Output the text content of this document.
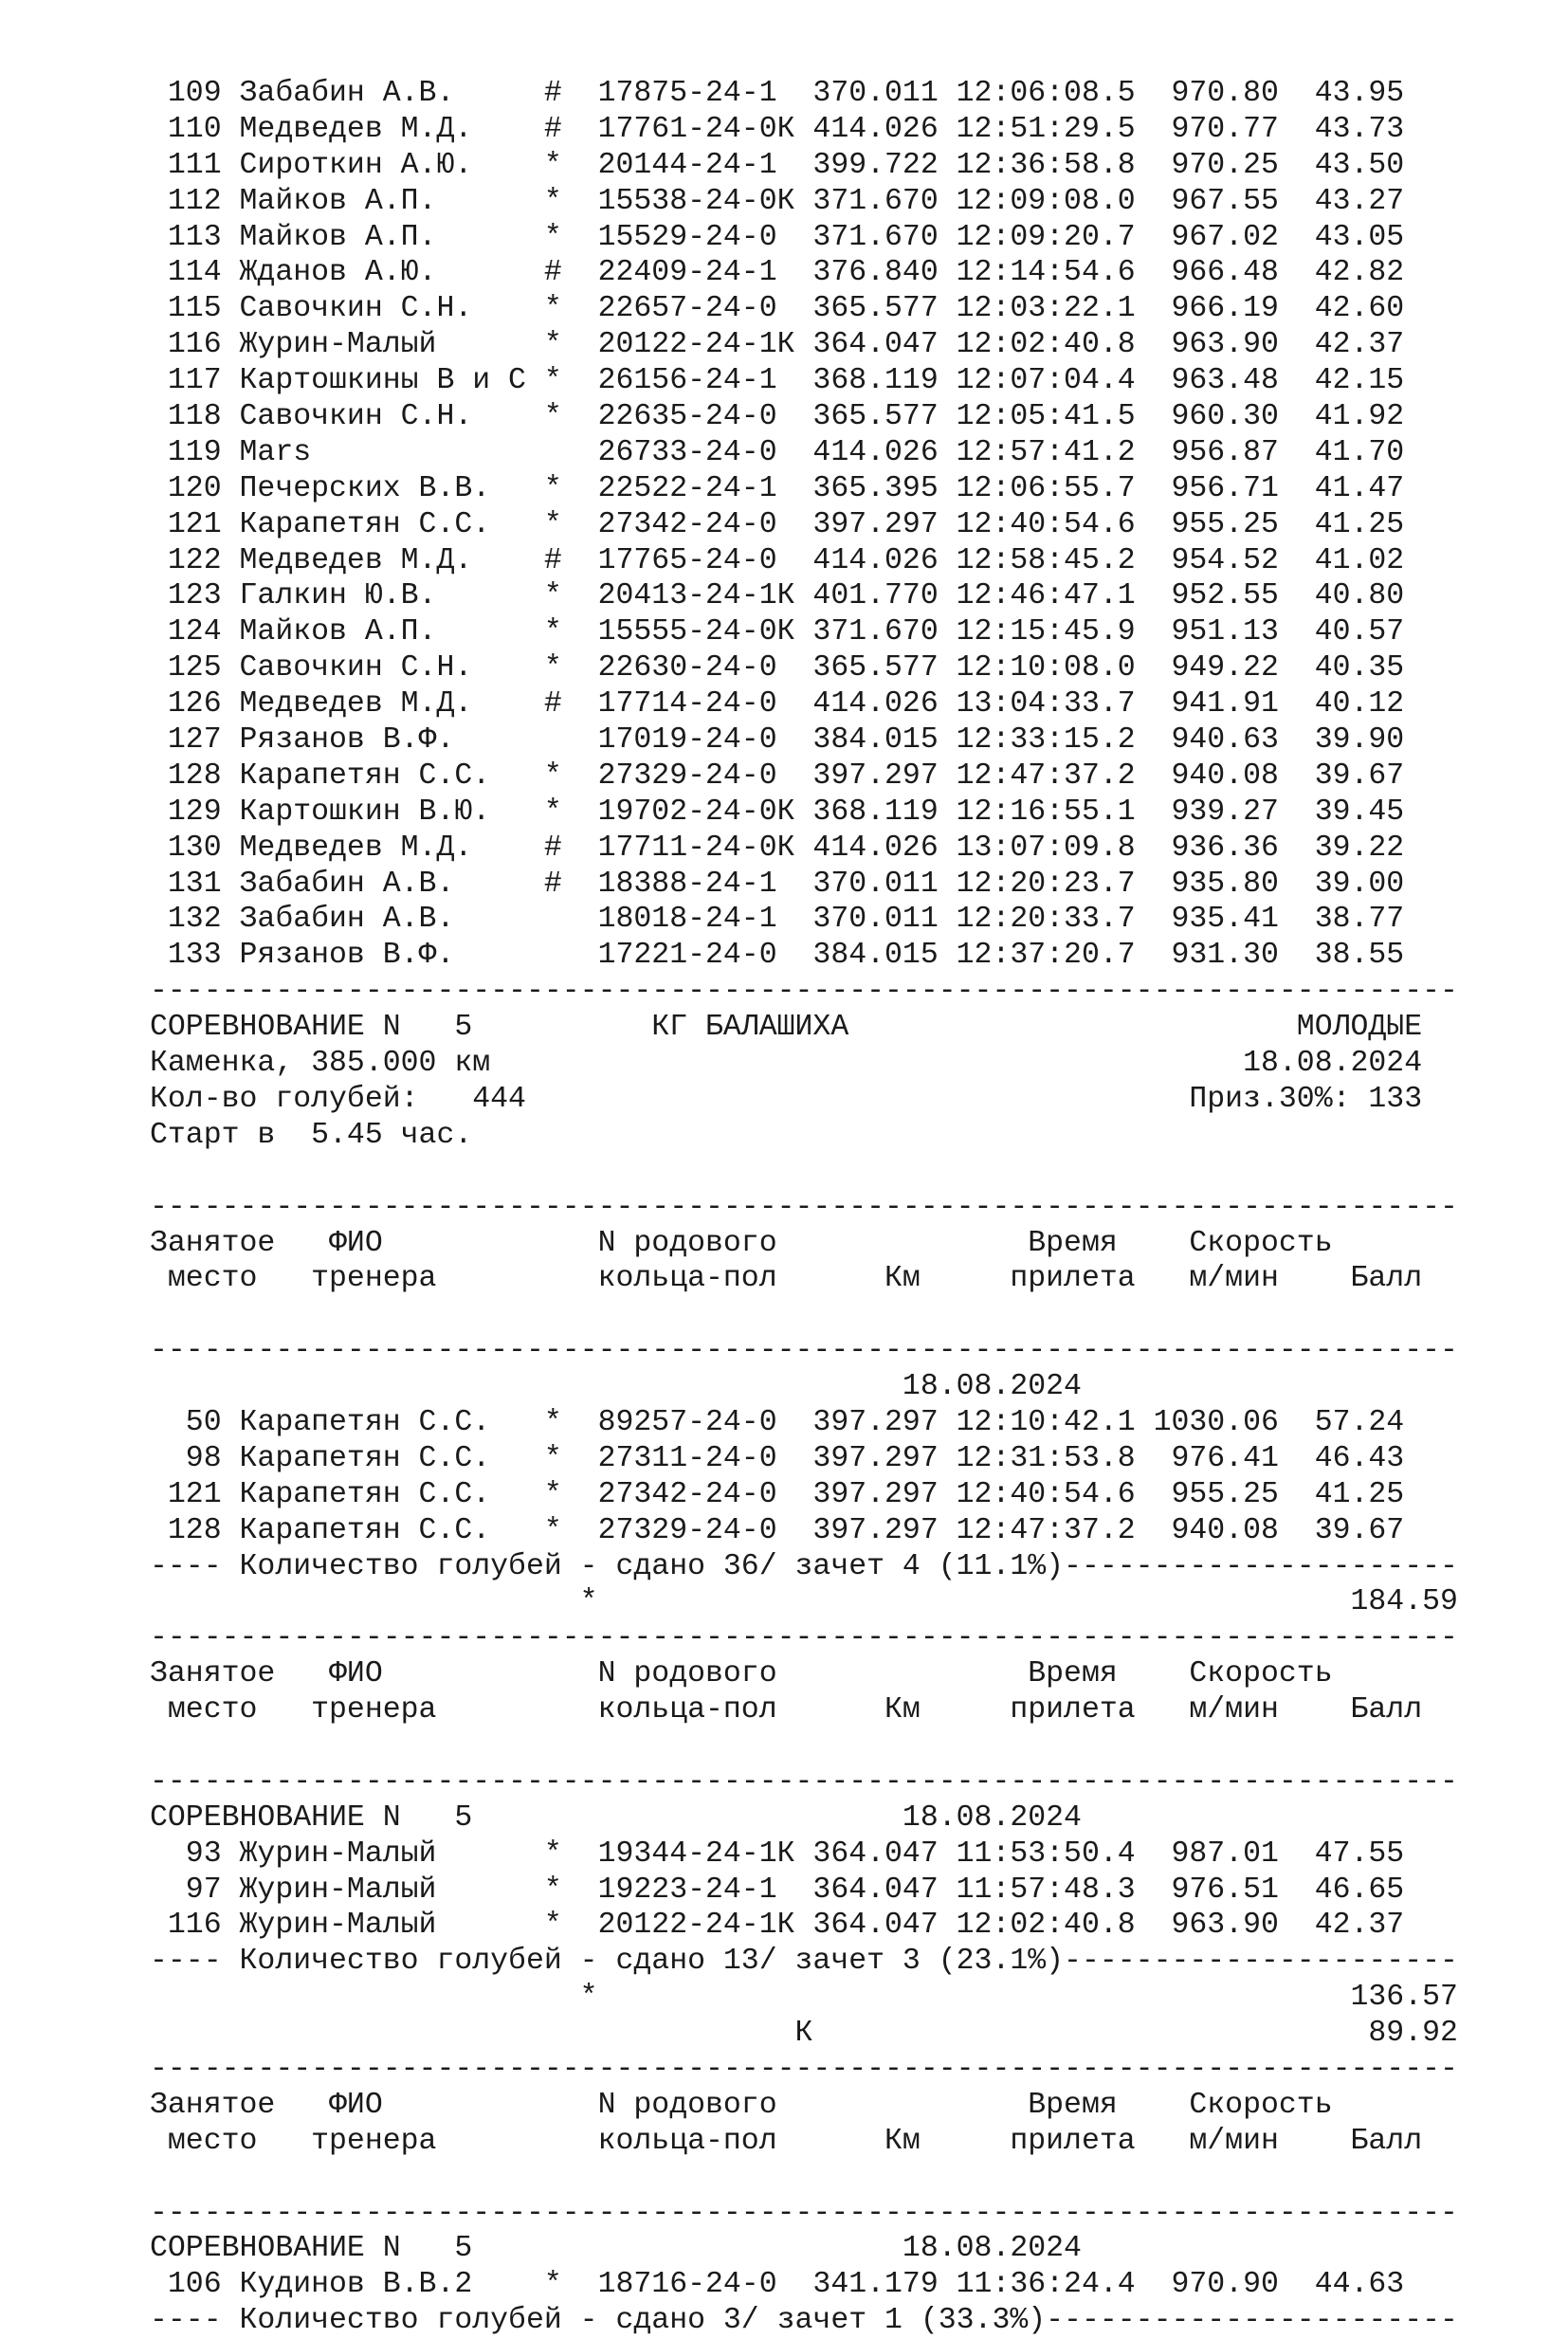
109 Забабин А.В.     #  17875-24-1  370.011 12:06:08.5  970.80  43.95
110 Медведев М.Д.    #  17761-24-0К 414.026 12:51:29.5  970.77  43.73
111 Сироткин А.Ю.    *  20144-24-1  399.722 12:36:58.8  970.25  43.50
112 Майков А.П.      *  15538-24-0К 371.670 12:09:08.0  967.55  43.27
113 Майков А.П.      *  15529-24-0  371.670 12:09:20.7  967.02  43.05
114 Жданов А.Ю.      #  22409-24-1  376.840 12:14:54.6  966.48  42.82
115 Савочкин С.Н.    *  22657-24-0  365.577 12:03:22.1  966.19  42.60
116 Журин-Малый      *  20122-24-1К 364.047 12:02:40.8  963.90  42.37
117 Картошкины В и С *  26156-24-1  368.119 12:07:04.4  963.48  42.15
118 Савочкин С.Н.    *  22635-24-0  365.577 12:05:41.5  960.30  41.92
119 Mars                26733-24-0  414.026 12:57:41.2  956.87  41.70
120 Печерских В.В.   *  22522-24-1  365.395 12:06:55.7  956.71  41.47
121 Карапетян С.С.   *  27342-24-0  397.297 12:40:54.6  955.25  41.25
122 Медведев М.Д.    #  17765-24-0  414.026 12:58:45.2  954.52  41.02
123 Галкин Ю.В.      *  20413-24-1К 401.770 12:46:47.1  952.55  40.80
124 Майков А.П.      *  15555-24-0К 371.670 12:15:45.9  951.13  40.57
125 Савочкин С.Н.    *  22630-24-0  365.577 12:10:08.0  949.22  40.35
126 Медведев М.Д.    #  17714-24-0  414.026 13:04:33.7  941.91  40.12
127 Рязанов В.Ф.        17019-24-0  384.015 12:33:15.2  940.63  39.90
128 Карапетян С.С.   *  27329-24-0  397.297 12:47:37.2  940.08  39.67
129 Картошкин В.Ю.   *  19702-24-0К 368.119 12:16:55.1  939.27  39.45
130 Медведев М.Д.    #  17711-24-0К 414.026 13:07:09.8  936.36  39.22
131 Забабин А.В.     #  18388-24-1  370.011 12:20:23.7  935.80  39.00
132 Забабин А.В.        18018-24-1  370.011 12:20:33.7  935.41  38.77
133 Рязанов В.Ф.        17221-24-0  384.015 12:37:20.7  931.30  38.55
-------------------------------------------------------------------------
СОРЕВНОВАНИЕ N   5          КГ БАЛАШИХА                         МОЛОДЫЕ
Каменка, 385.000 км                                          18.08.2024
Кол-во голубей:   444                                     Приз.30%: 133
Старт в  5.45 час.
-------------------------------------------------------------------------
Занятое   ФИО            N родового              Время    Скорость
место   тренера         кольца-пол      Км     прилета   м/мин    Балл
-------------------------------------------------------------------------
18.08.2024
50 Карапетян С.С.   *  89257-24-0  397.297 12:10:42.1 1030.06  57.24
98 Карапетян С.С.   *  27311-24-0  397.297 12:31:53.8  976.41  46.43
121 Карапетян С.С.   *  27342-24-0  397.297 12:40:54.6  955.25  41.25
128 Карапетян С.С.   *  27329-24-0  397.297 12:47:37.2  940.08  39.67
---- Количество голубей - сдано 36/ зачет 4 (11.1%)----------------------
*                                          184.59
-------------------------------------------------------------------------
Занятое   ФИО            N родового              Время    Скорость
место   тренера         кольца-пол      Км     прилета   м/мин    Балл
-------------------------------------------------------------------------
СОРЕВНОВАНИЕ N   5                        18.08.2024
93 Журин-Малый      *  19344-24-1К 364.047 11:53:50.4  987.01  47.55
97 Журин-Малый      *  19223-24-1  364.047 11:57:48.3  976.51  46.65
116 Журин-Малый      *  20122-24-1К 364.047 12:02:40.8  963.90  42.37
---- Количество голубей - сдано 13/ зачет 3 (23.1%)----------------------
*                                          136.57
К                               89.92
-------------------------------------------------------------------------
Занятое   ФИО            N родового              Время    Скорость
место   тренера         кольца-пол      Км     прилета   м/мин    Балл
-------------------------------------------------------------------------
СОРЕВНОВАНИЕ N   5                        18.08.2024
106 Кудинов В.В.2    *  18716-24-0  341.179 11:36:24.4  970.90  44.63
---- Количество голубей - сдано 3/ зачет 1 (33.3%)-----------------------
